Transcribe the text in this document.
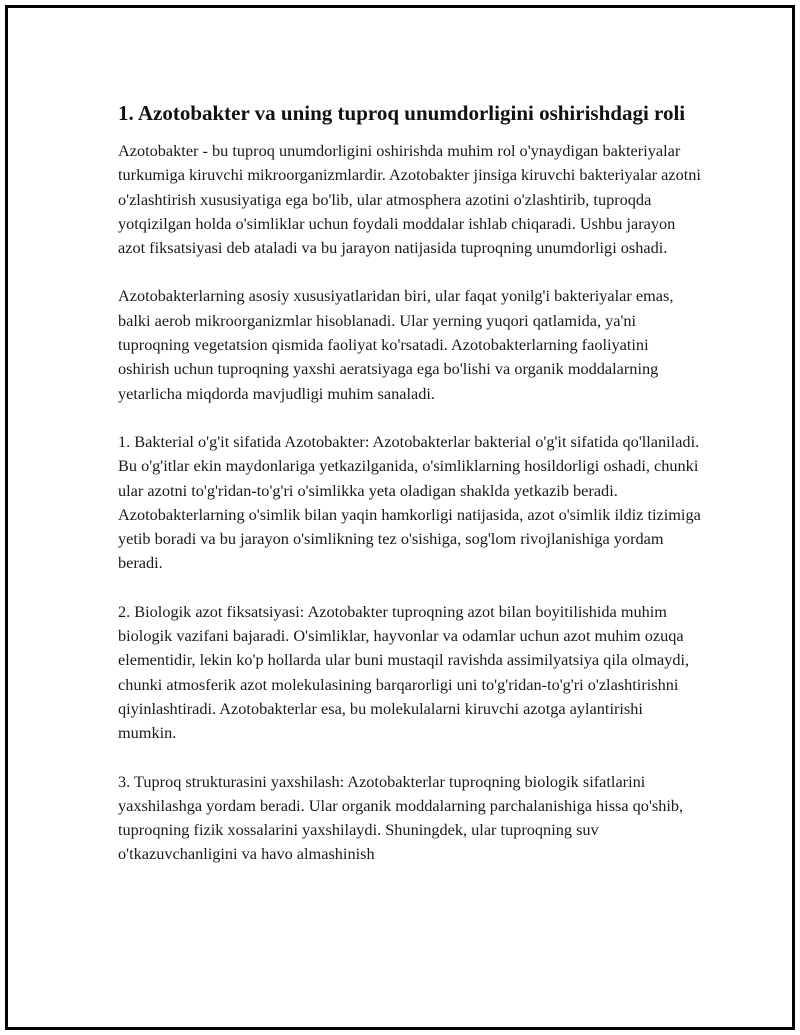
1. Azotobakter va uning tuproq unumdorligini oshirishdagi roli

Azotobakter - bu tuproq unumdorligini oshirishda muhim rol o'ynaydigan bakteriyalar turkumiga kiruvchi mikroorganizmlardir. Azotobakter jinsiga kiruvchi bakteriyalar azotni o'zlashtirish xususiyatiga ega bo'lib, ular atmosphera azotini o'zlashtirib, tuproqda yotqizilgan holda o'simliklar uchun foydali moddalar ishlab chiqaradi. Ushbu jarayon azot fiksatsiyasi deb ataladi va bu jarayon natijasida tuproqning unumdorligi oshadi.

Azotobakterlarning asosiy xususiyatlaridan biri, ular faqat yonilg'i bakteriyalar emas, balki aerob mikroorganizmlar hisoblanadi. Ular yerning yuqori qatlamida, ya'ni tuproqning vegetatsion qismida faoliyat ko'rsatadi. Azotobakterlarning faoliyatini oshirish uchun tuproqning yaxshi aeratsiyaga ega bo'lishi va organik moddalarning yetarlicha miqdorda mavjudligi muhim sanaladi.

1. Bakterial o'g'it sifatida Azotobakter: Azotobakterlar bakterial o'g'it sifatida qo'llaniladi. Bu o'g'itlar ekin maydonlariga yetkazilganida, o'simliklarning hosildorligi oshadi, chunki ular azotni to'g'ridan-to'g'ri o'simlikka yeta oladigan shaklda yetkazib beradi. Azotobakterlarning o'simlik bilan yaqin hamkorligi natijasida, azot o'simlik ildiz tizimiga yetib boradi va bu jarayon o'simlikning tez o'sishiga, sog'lom rivojlanishiga yordam beradi.

2. Biologik azot fiksatsiyasi: Azotobakter tuproqning azot bilan boyitilishida muhim biologik vazifani bajaradi. O'simliklar, hayvonlar va odamlar uchun azot muhim ozuqa elementidir, lekin ko'p hollarda ular buni mustaqil ravishda assimilyatsiya qila olmaydi, chunki atmosferik azot molekulasining barqarorligi uni to'g'ridan-to'g'ri o'zlashtirishni qiyinlashtiradi. Azotobakterlar esa, bu molekulalarni kiruvchi azotga aylantirishi mumkin.

3. Tuproq strukturasini yaxshilash: Azotobakterlar tuproqning biologik sifatlarini yaxshilashga yordam beradi. Ular organik moddalarning parchalanishiga hissa qo'shib, tuproqning fizik xossalarini yaxshilaydi. Shuningdek, ular tuproqning suv o'tkazuvchanligini va havo almashinish
